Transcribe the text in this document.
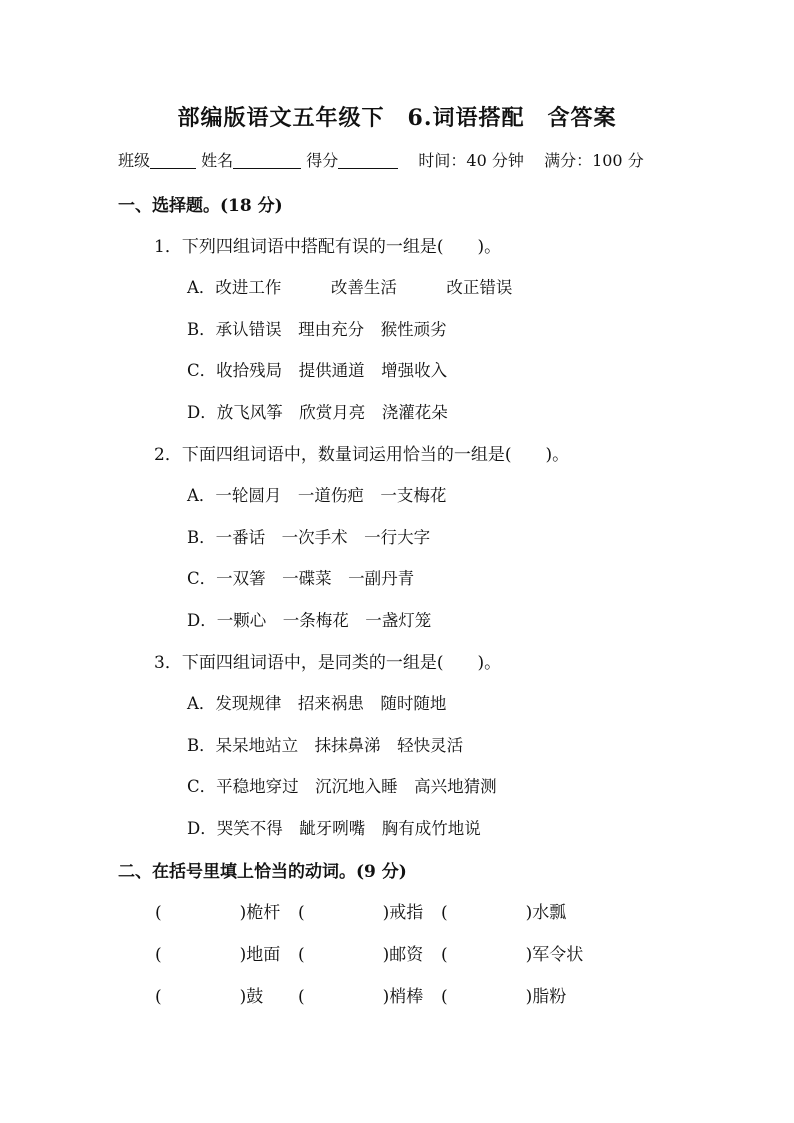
部编版语文五年级下　6.词语搭配　含答案
班级	姓名	得分	时间：40 分钟 满分：100 分
一、选择题。(18 分)
1．下列四组词语中搭配有误的一组是(　　)。
A．改进工作　　　改善生活　　　改正错误
B．承认错误　理由充分　猴性顽劣
C．收拾残局　提供通道　增强收入
D．放飞风筝　欣赏月亮　浇灌花朵
2．下面四组词语中，数量词运用恰当的一组是(　　)。
A．一轮圆月　一道伤疤　一支梅花
B．一番话　一次手术　一行大字
C．一双箸　一碟菜　一副丹青
D．一颗心　一条梅花　一盏灯笼
3．下面四组词语中，是同类的一组是(　　)。
A．发现规律　招来祸患　随时随地
B．呆呆地站立　抹抹鼻涕　轻快灵活
C．平稳地穿过　沉沉地入睡　高兴地猜测
D．哭笑不得　龇牙咧嘴　胸有成竹地说
二、在括号里填上恰当的动词。(9 分)
(	)桅杆 (	)戒指 (	)水瓢
(	)地面 (	)邮资 (	)军令状
(	)鼓 (	)梢棒 (	)脂粉
